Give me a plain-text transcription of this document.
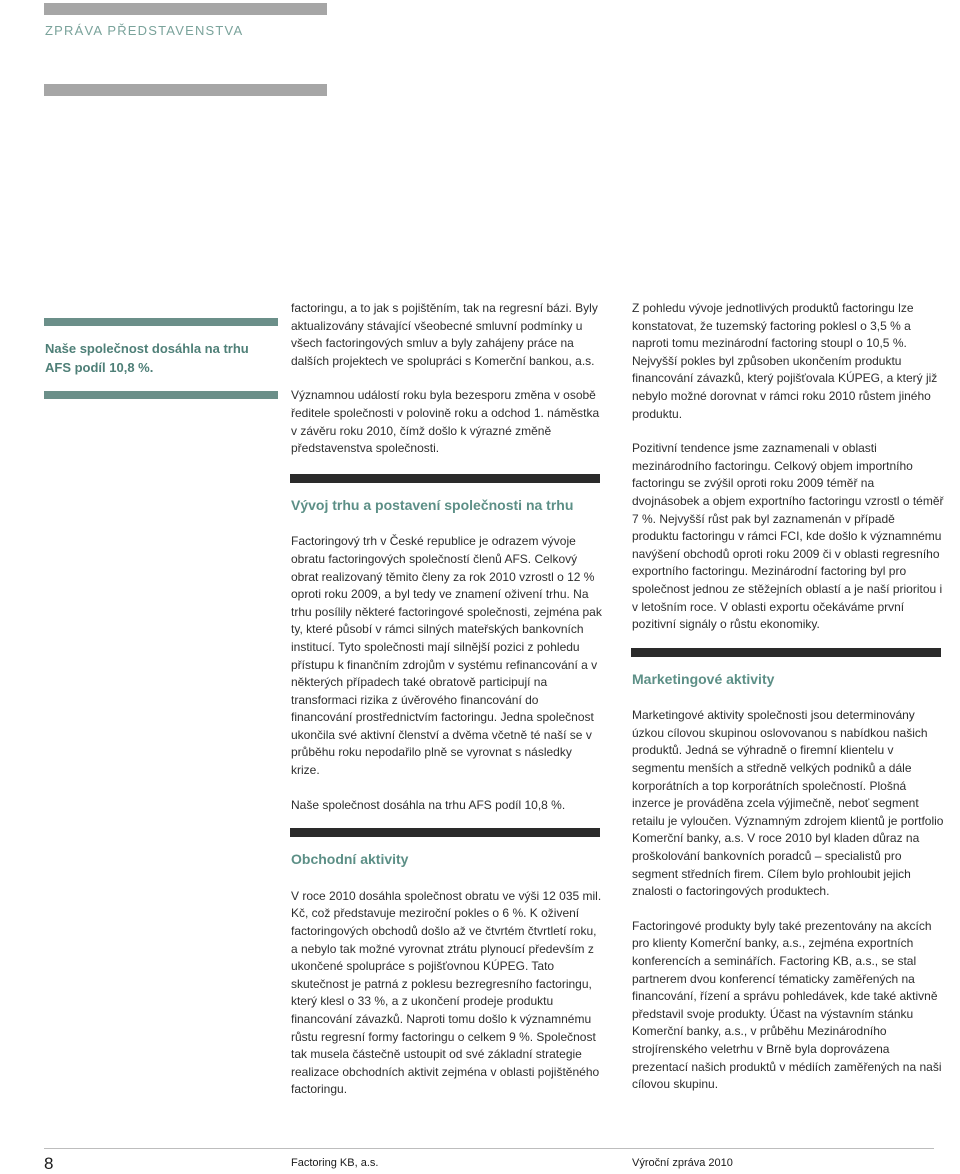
ZPRÁVA PŘEDSTAVENSTVA
Naše společnost dosáhla na trhu AFS podíl 10,8 %.

factoringu, a to jak s pojištěním, tak na regresní bázi. Byly aktualizovány stávající všeobecné smluvní podmínky u všech factoringových smluv a byly zahájeny práce na dalších projektech ve spolupráci s Komerční bankou, a.s.

Významnou událostí roku byla bezesporu změna v osobě ředitele společnosti v polovině roku a odchod 1. náměstka v závěru roku 2010, čímž došlo k výrazné změně představenstva společnosti.

Vývoj trhu a postavení společnosti na trhu

Factoringový trh v České republice je odrazem vývoje obratu factoringových společností členů AFS. Celkový obrat realizovaný těmito členy za rok 2010 vzrostl o 12 % oproti roku 2009, a byl tedy ve znamení oživení trhu. Na trhu posílily některé factoringové společnosti, zejména pak ty, které působí v rámci silných mateřských bankovních institucí. Tyto společnosti mají silnější pozici z pohledu přístupu k finančním zdrojům v systému refinancování a v některých případech také obratově participují na transformaci rizika z úvěrového financování do financování prostřednictvím factoringu. Jedna společnost ukončila své aktivní členství a dvěma včetně té naší se v průběhu roku nepodařilo plně se vyrovnat s následky krize.

Naše společnost dosáhla na trhu AFS podíl 10,8 %.

Obchodní aktivity

V roce 2010 dosáhla společnost obratu ve výši 12 035 mil. Kč, což představuje meziroční pokles o 6 %. K oživení factoringových obchodů došlo až ve čtvrtém čtvrtletí roku, a nebylo tak možné vyrovnat ztrátu plynoucí především z ukončené spolupráce s pojišťovnou KÚPEG. Tato skutečnost je patrná z poklesu bezregresního factoringu, který klesl o 33 %, a z ukončení prodeje produktu financování závazků. Naproti tomu došlo k významnému růstu regresní formy factoringu o celkem 9 %. Společnost tak musela částečně ustoupit od své základní strategie realizace obchodních aktivit zejména v oblasti pojištěného factoringu.

Z pohledu vývoje jednotlivých produktů factoringu lze konstatovat, že tuzemský factoring poklesl o 3,5 % a naproti tomu mezinárodní factoring stoupl o 10,5 %. Nejvyšší pokles byl způsoben ukončením produktu financování závazků, který pojišťovala KÚPEG, a který již nebylo možné dorovnat v rámci roku 2010 růstem jiného produktu.

Pozitivní tendence jsme zaznamenali v oblasti mezinárodního factoringu. Celkový objem importního factoringu se zvýšil oproti roku 2009 téměř na dvojnásobek a objem exportního factoringu vzrostl o téměř 7 %. Nejvyšší růst pak byl zaznamenán v případě produktu factoringu v rámci FCI, kde došlo k významnému navýšení obchodů oproti roku 2009 či v oblasti regresního exportního factoringu. Mezinárodní factoring byl pro společnost jednou ze stěžejních oblastí a je naší prioritou i v letošním roce. V oblasti exportu očekáváme první pozitivní signály o růstu ekonomiky.

Marketingové aktivity

Marketingové aktivity společnosti jsou determinovány úzkou cílovou skupinou oslovovanou s nabídkou našich produktů. Jedná se výhradně o firemní klientelu v segmentu menších a středně velkých podniků a dále korporátních a top korporátních společností. Plošná inzerce je prováděna zcela výjimečně, neboť segment retailu je vyloučen. Významným zdrojem klientů je portfolio Komerční banky, a.s. V roce 2010 byl kladen důraz na proškolování bankovních poradců – specialistů pro segment středních firem. Cílem bylo prohloubit jejich znalosti o factoringových produktech.

Factoringové produkty byly také prezentovány na akcích pro klienty Komerční banky, a.s., zejména exportních konferencích a seminářích. Factoring KB, a.s., se stal partnerem dvou konferencí tématicky zaměřených na financování, řízení a správu pohledávek, kde také aktivně představil svoje produkty. Účast na výstavním stánku Komerční banky, a.s., v průběhu Mezinárodního strojírenského veletrhu v Brně byla doprovázena prezentací našich produktů v médiích zaměřených na naši cílovou skupinu.

8	Factoring KB, a.s.	Výroční zpráva 2010
